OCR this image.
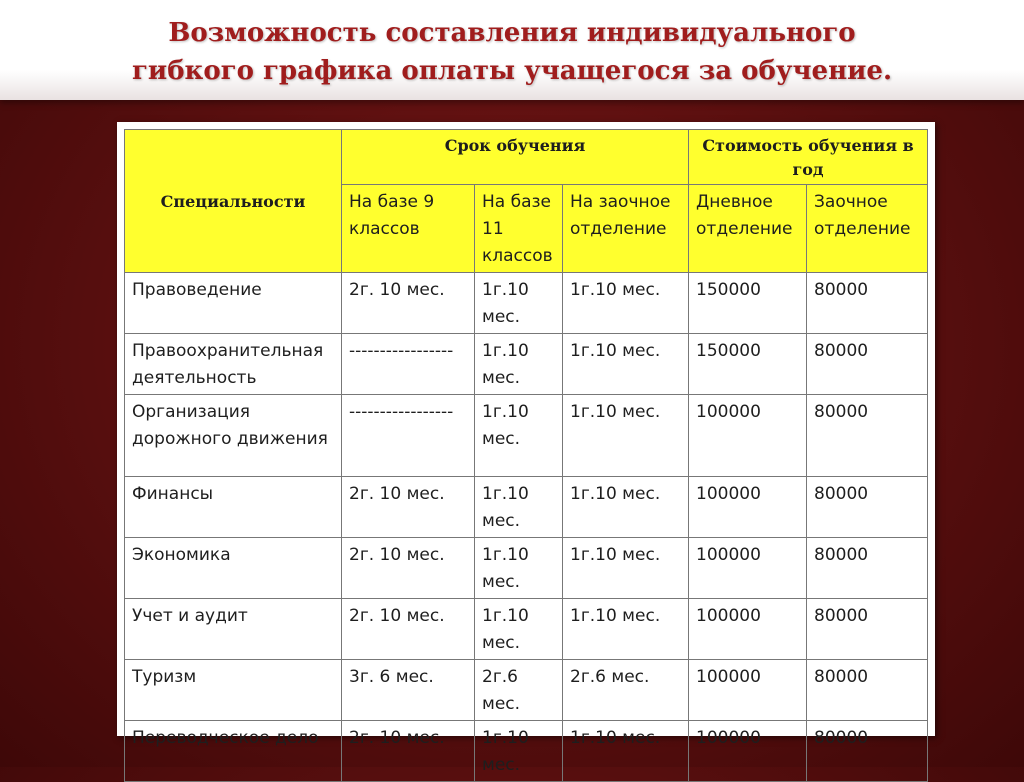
Возможность составления индивидуального
гибкого графика оплаты учащегося за обучение.
Специальности	Срок обучения			Стоимость обучения в год	
	На базе 9 классов	На базе 11 классов	На заочное отделение	Дневное отделение	Заочное отделение
Правоведение	2г. 10 мес.	1г.10 мес.	1г.10 мес.	150000	80000
Правоохранительная деятельность	-----------------	1г.10 мес.	1г.10 мес.	150000	80000
Организация дорожного движения	-----------------	1г.10 мес.	1г.10 мес.	100000	80000
Финансы	2г. 10 мес.	1г.10 мес.	1г.10 мес.	100000	80000
Экономика	2г. 10 мес.	1г.10 мес.	1г.10 мес.	100000	80000
Учет и аудит	2г. 10 мес.	1г.10 мес.	1г.10 мес.	100000	80000
Туризм	3г. 6 мес.	2г.6 мес.	2г.6 мес.	100000	80000
Переводческое дело	2г. 10 мес.	1г.10 мес.	1г.10 мес.	100000	80000
